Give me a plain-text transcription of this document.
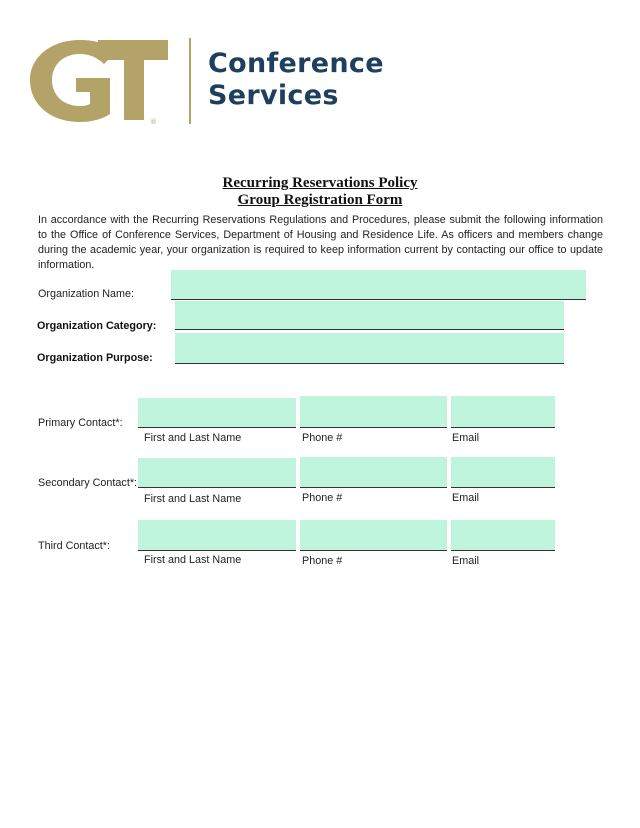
®
Conference
Services
Recurring Reservations Policy
Group Registration Form
In accordance with the Recurring Reservations Regulations and Procedures, please submit the following information to the Office of Conference Services, Department of Housing and Residence Life. As officers and members change during the academic year, your organization is required to keep information current by contacting our office to update information.
Organization Name:
Organization Category:
Organization Purpose:
Primary Contact*:
First and Last Name	Phone #	Email
Secondary Contact*:
First and Last Name	Phone #	Email
Third Contact*:
First and Last Name	Phone #	Email
